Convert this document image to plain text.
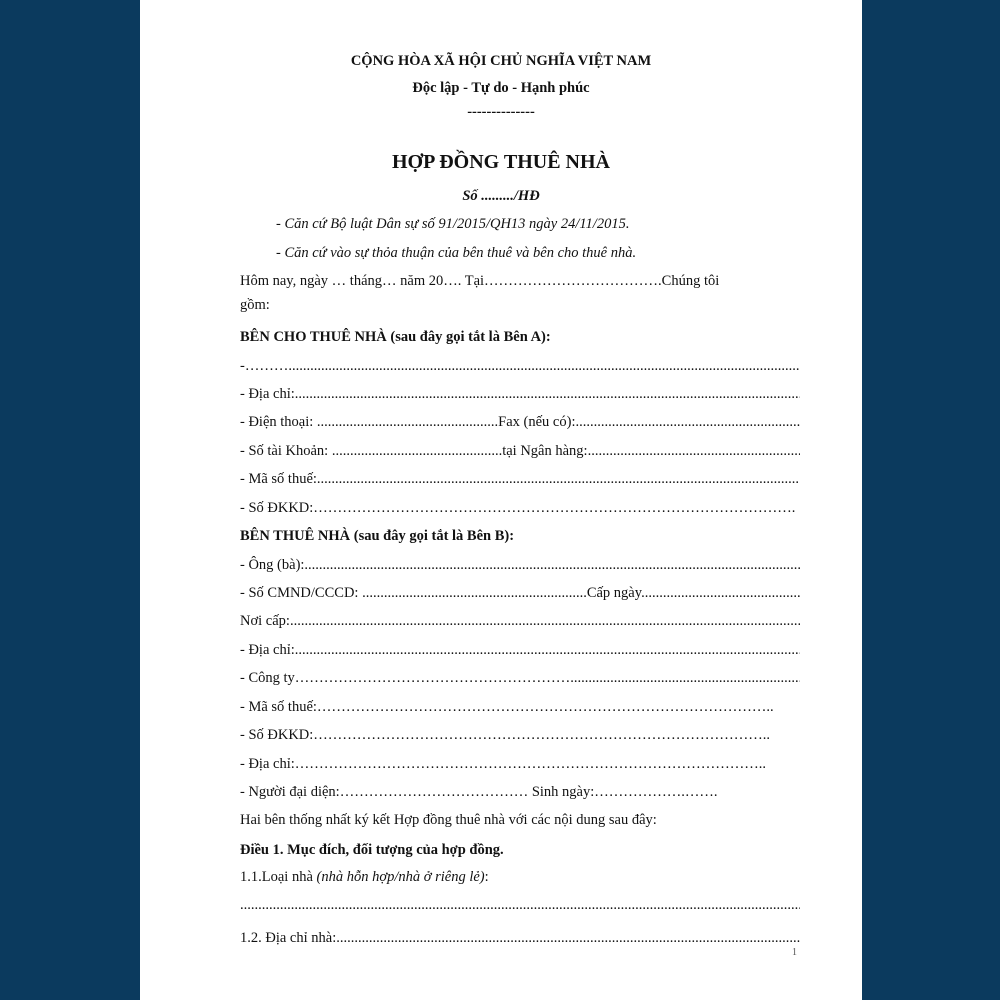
CỘNG HÒA XÃ HỘI CHỦ NGHĨA VIỆT NAM
Độc lập - Tự do - Hạnh phúc
--------------
HỢP ĐỒNG THUÊ NHÀ
Số ........./HĐ
- Căn cứ Bộ luật Dân sự số 91/2015/QH13 ngày 24/11/2015.
- Căn cứ vào sự thỏa thuận của bên thuê và bên cho thuê nhà.
Hôm nay, ngày … tháng… năm 20…. Tại……………………………….Chúng tôi
gồm:
BÊN CHO THUÊ NHÀ (sau đây gọi tắt là Bên A):
-……… .....
- Địa chỉ: .....
- Điện thoại: ..................................................Fax (nếu có): .....
- Số tài Khoản: ...............................................tại Ngân hàng: .....
- Mã số thuế: .....
- Số ĐKKD:……………………………………………………………………………………….
BÊN THUÊ NHÀ (sau đây gọi tắt là Bên B):
- Ông (bà): .....
- Số CMND/CCCD: ..............................................................Cấp ngày .....
Nơi cấp: .....
- Địa chỉ: .....
- Công ty………………………………………………… .....
- Mã số thuế:…………………………………………………………………………………..
- Số ĐKKD:…………………………………………………………………………………..
- Địa chỉ:……………………………………………………………………………………..
- Người đại diện:………………………………… Sinh ngày:……………….…….
Hai bên thống nhất ký kết Hợp đồng thuê nhà với các nội dung sau đây:
Điều 1. Mục đích, đối tượng của hợp đồng.
1.1.Loại nhà (nhà hỗn hợp/nhà ở riêng lẻ):
.....
1.2. Địa chỉ nhà: .....
1
